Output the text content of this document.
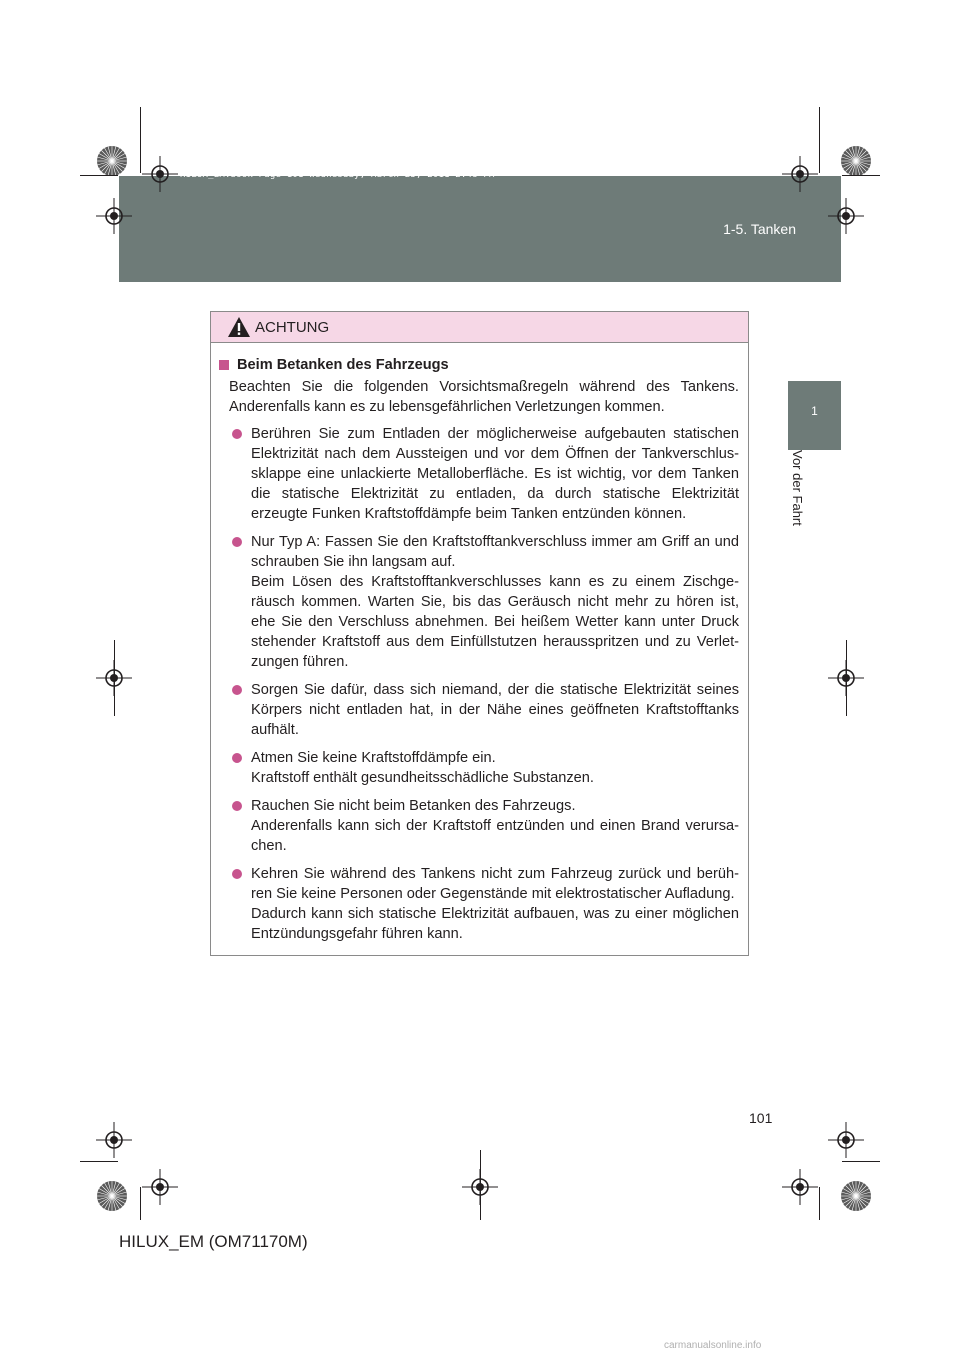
HILUX_EM.book Page 101 Wednesday, March 23, 2011 2:48 PM
1-5. Tanken
1
Vor der Fahrt
ACHTUNG
Beim Betanken des Fahrzeugs
Beachten Sie die folgenden Vorsichtsmaßregeln während des Tankens. Anderenfalls kann es zu lebensgefährlichen Verletzungen kommen.
Berühren Sie zum Entladen der möglicherweise aufgebauten statischen Elektrizität nach dem Aussteigen und vor dem Öffnen der Tankverschlussklappe eine unlackierte Metalloberfläche. Es ist wichtig, vor dem Tanken die statische Elektrizität zu entladen, da durch statische Elektrizität erzeugte Funken Kraftstoffdämpfe beim Tanken entzünden können.
Nur Typ A: Fassen Sie den Kraftstofftankverschluss immer am Griff an und schrauben Sie ihn langsam auf.
Beim Lösen des Kraftstofftankverschlusses kann es zu einem Zischgeräusch kommen. Warten Sie, bis das Geräusch nicht mehr zu hören ist, ehe Sie den Verschluss abnehmen. Bei heißem Wetter kann unter Druck stehender Kraftstoff aus dem Einfüllstutzen herausspritzen und zu Verletzungen führen.
Sorgen Sie dafür, dass sich niemand, der die statische Elektrizität seines Körpers nicht entladen hat, in der Nähe eines geöffneten Kraftstofftanks aufhält.
Atmen Sie keine Kraftstoffdämpfe ein.
Kraftstoff enthält gesundheitsschädliche Substanzen.
Rauchen Sie nicht beim Betanken des Fahrzeugs.
Anderenfalls kann sich der Kraftstoff entzünden und einen Brand verursachen.
Kehren Sie während des Tankens nicht zum Fahrzeug zurück und berühren Sie keine Personen oder Gegenstände mit elektrostatischer Aufladung.
Dadurch kann sich statische Elektrizität aufbauen, was zu einer möglichen Entzündungsgefahr führen kann.
101
HILUX_EM (OM71170M)
carmanualsonline.info
